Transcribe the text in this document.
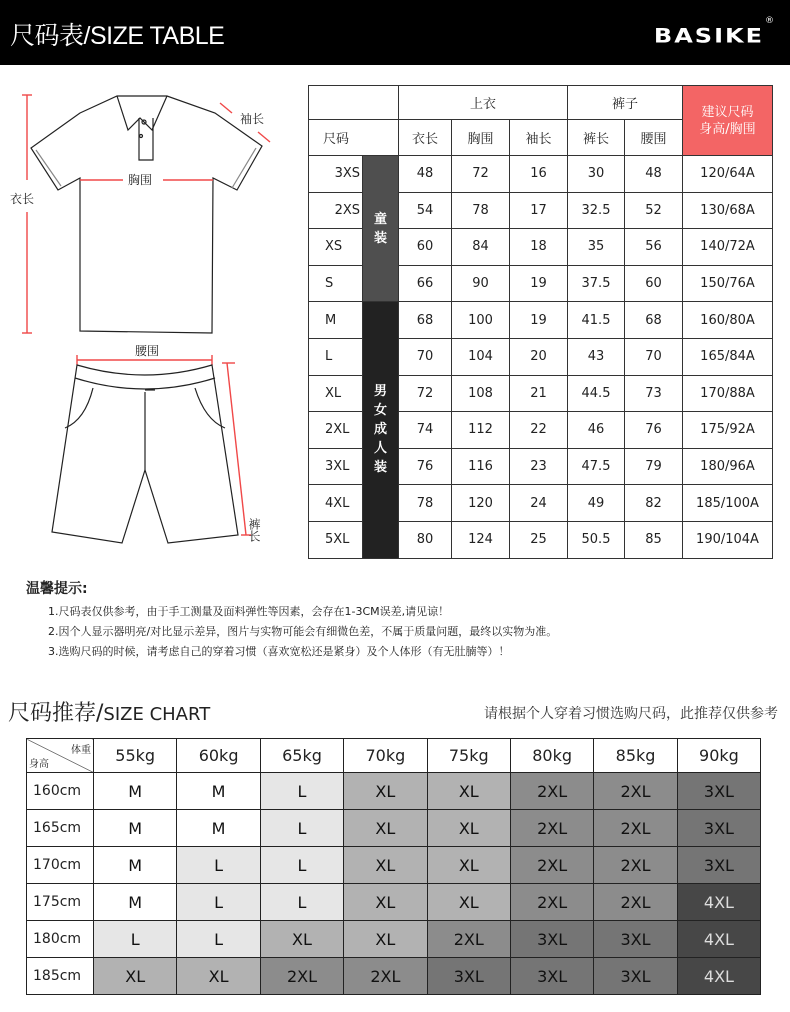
尺码表/SIZE TABLE	BASIKE
®
衣长
胸围
袖长
腰围
裤长
		上衣			裤子		建议尺码
身高/胸围

尺码		衣长	胸围	袖长	裤长	腰围	
3XS	童装	48	72	16	30	48	120/64A
2XS		54	78	17	32.5	52	130/68A
XS		60	84	18	35	56	140/72A
S		66	90	19	37.5	60	150/76A
M	男女成人装	68	100	19	41.5	68	160/80A
L		70	104	20	43	70	165/84A
XL		72	108	21	44.5	73	170/88A
2XL		74	112	22	46	76	175/92A
3XL		76	116	23	47.5	79	180/96A
4XL		78	120	24	49	82	185/100A
5XL		80	124	25	50.5	85	190/104A
温馨提示:

1.尺码表仅供参考，由于手工测量及面料弹性等因素，会存在1-3CM误差,请见谅！

2.因个人显示器明亮/对比显示差异，图片与实物可能会有细微色差，不属于质量问题，最终以实物为准。

3.选购尺码的时候，请考虑自己的穿着习惯（喜欢宽松还是紧身）及个人体形（有无肚腩等）！

尺码推荐/SIZE CHART	请根据个人穿着习惯选购尺码，此推荐仅供参考
体重
身高	55kg	60kg	65kg	70kg	75kg	80kg	85kg	90kg
160cm	M	M	L	XL	XL	2XL	2XL	3XL
165cm	M	M	L	XL	XL	2XL	2XL	3XL
170cm	M	L	L	XL	XL	2XL	2XL	3XL
175cm	M	L	L	XL	XL	2XL	2XL	4XL
180cm	L	L	XL	XL	2XL	3XL	3XL	4XL
185cm	XL	XL	2XL	2XL	3XL	3XL	3XL	4XL
